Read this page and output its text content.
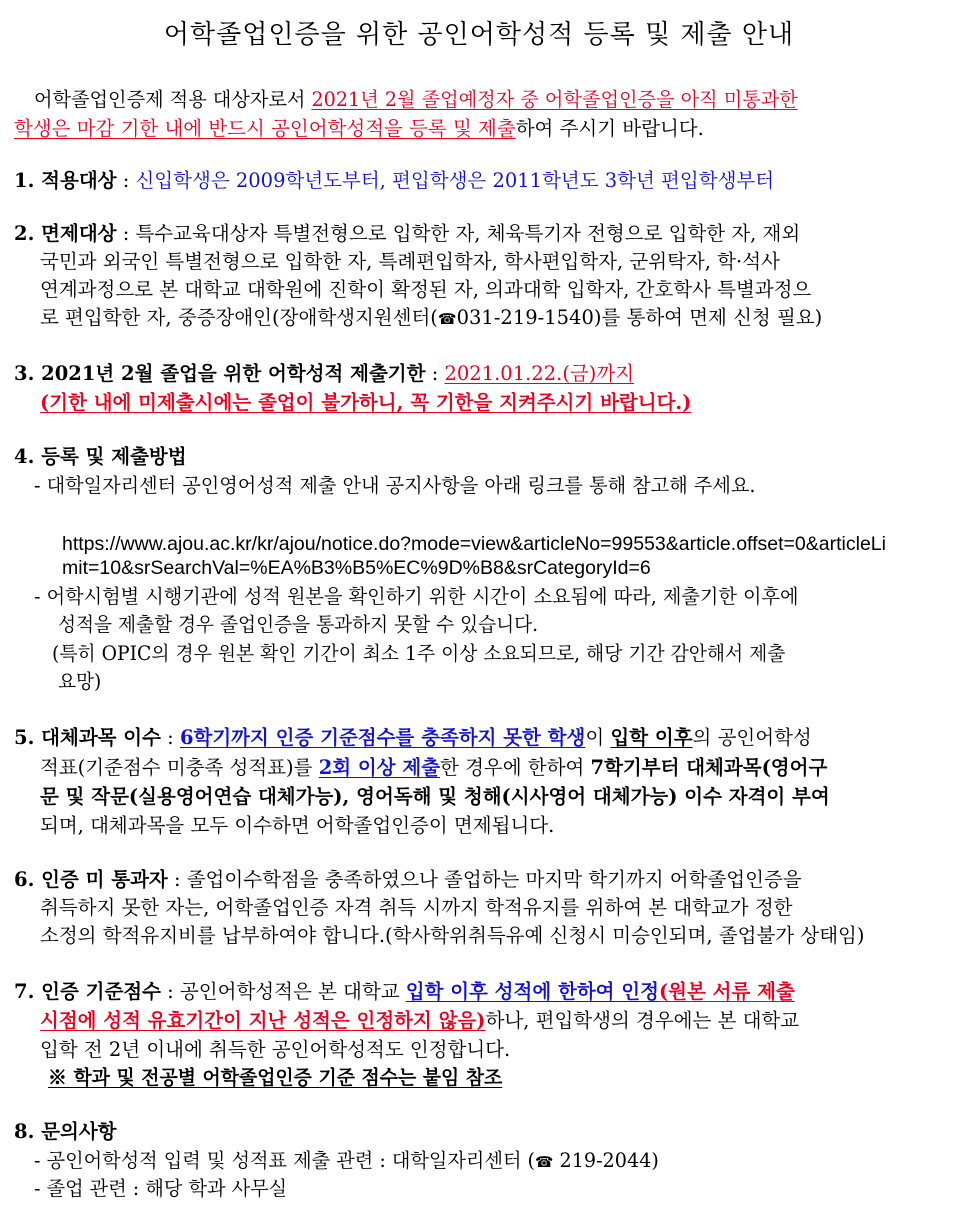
어학졸업인증을 위한 공인어학성적 등록 및 제출 안내

어학졸업인증제 적용 대상자로서 2021년 2월 졸업예정자 중 어학졸업인증을 아직 미통과한

학생은 마감 기한 내에 반드시 공인어학성적을 등록 및 제출하여 주시기 바랍니다.

1. 적용대상 : 신입학생은 2009학년도부터, 편입학생은 2011학년도 3학년 편입학생부터

2. 면제대상 : 특수교육대상자 특별전형으로 입학한 자, 체육특기자 전형으로 입학한 자, 재외

국민과 외국인 특별전형으로 입학한 자, 특례편입학자, 학사편입학자, 군위탁자, 학·석사

연계과정으로 본 대학교 대학원에 진학이 확정된 자, 의과대학 입학자, 간호학사 특별과정으

로 편입학한 자, 중증장애인(장애학생지원센터(☎031-219-1540)를 통하여 면제 신청 필요)

3. 2021년 2월 졸업을 위한 어학성적 제출기한 : 2021.01.22.(금)까지

(기한 내에 미제출시에는 졸업이 불가하니, 꼭 기한을 지켜주시기 바랍니다.)

4. 등록 및 제출방법

- 대학일자리센터 공인영어성적 제출 안내 공지사항을 아래 링크를 통해 참고해 주세요.

https://www.ajou.ac.kr/kr/ajou/notice.do?mode=view&articleNo=99553&article.offset=0&articleLi

mit=10&srSearchVal=%EA%B3%B5%EC%9D%B8&srCategoryId=6

- 어학시험별 시행기관에 성적 원본을 확인하기 위한 시간이 소요됨에 따라, 제출기한 이후에

성적을 제출할 경우 졸업인증을 통과하지 못할 수 있습니다.

(특히 OPIC의 경우 원본 확인 기간이 최소 1주 이상 소요되므로, 해당 기간 감안해서 제출

요망)

5. 대체과목 이수 : 6학기까지 인증 기준점수를 충족하지 못한 학생이 입학 이후의 공인어학성

적표(기준점수 미충족 성적표)를 2회 이상 제출한 경우에 한하여 7학기부터 대체과목(영어구

문 및 작문(실용영어연습 대체가능), 영어독해 및 청해(시사영어 대체가능) 이수 자격이 부여

되며, 대체과목을 모두 이수하면 어학졸업인증이 면제됩니다.

6. 인증 미 통과자 : 졸업이수학점을 충족하였으나 졸업하는 마지막 학기까지 어학졸업인증을

취득하지 못한 자는, 어학졸업인증 자격 취득 시까지 학적유지를 위하여 본 대학교가 정한

소정의 학적유지비를 납부하여야 합니다.(학사학위취득유예 신청시 미승인되며, 졸업불가 상태임)

7. 인증 기준점수 : 공인어학성적은 본 대학교 입학 이후 성적에 한하여 인정(원본 서류 제출

시점에 성적 유효기간이 지난 성적은 인정하지 않음)하나, 편입학생의 경우에는 본 대학교

입학 전 2년 이내에 취득한 공인어학성적도 인정합니다.

※ 학과 및 전공별 어학졸업인증 기준 점수는 붙임 참조

8. 문의사항

- 공인어학성적 입력 및 성적표 제출 관련 : 대학일자리센터 (☎ 219-2044)

- 졸업 관련 : 해당 학과 사무실
